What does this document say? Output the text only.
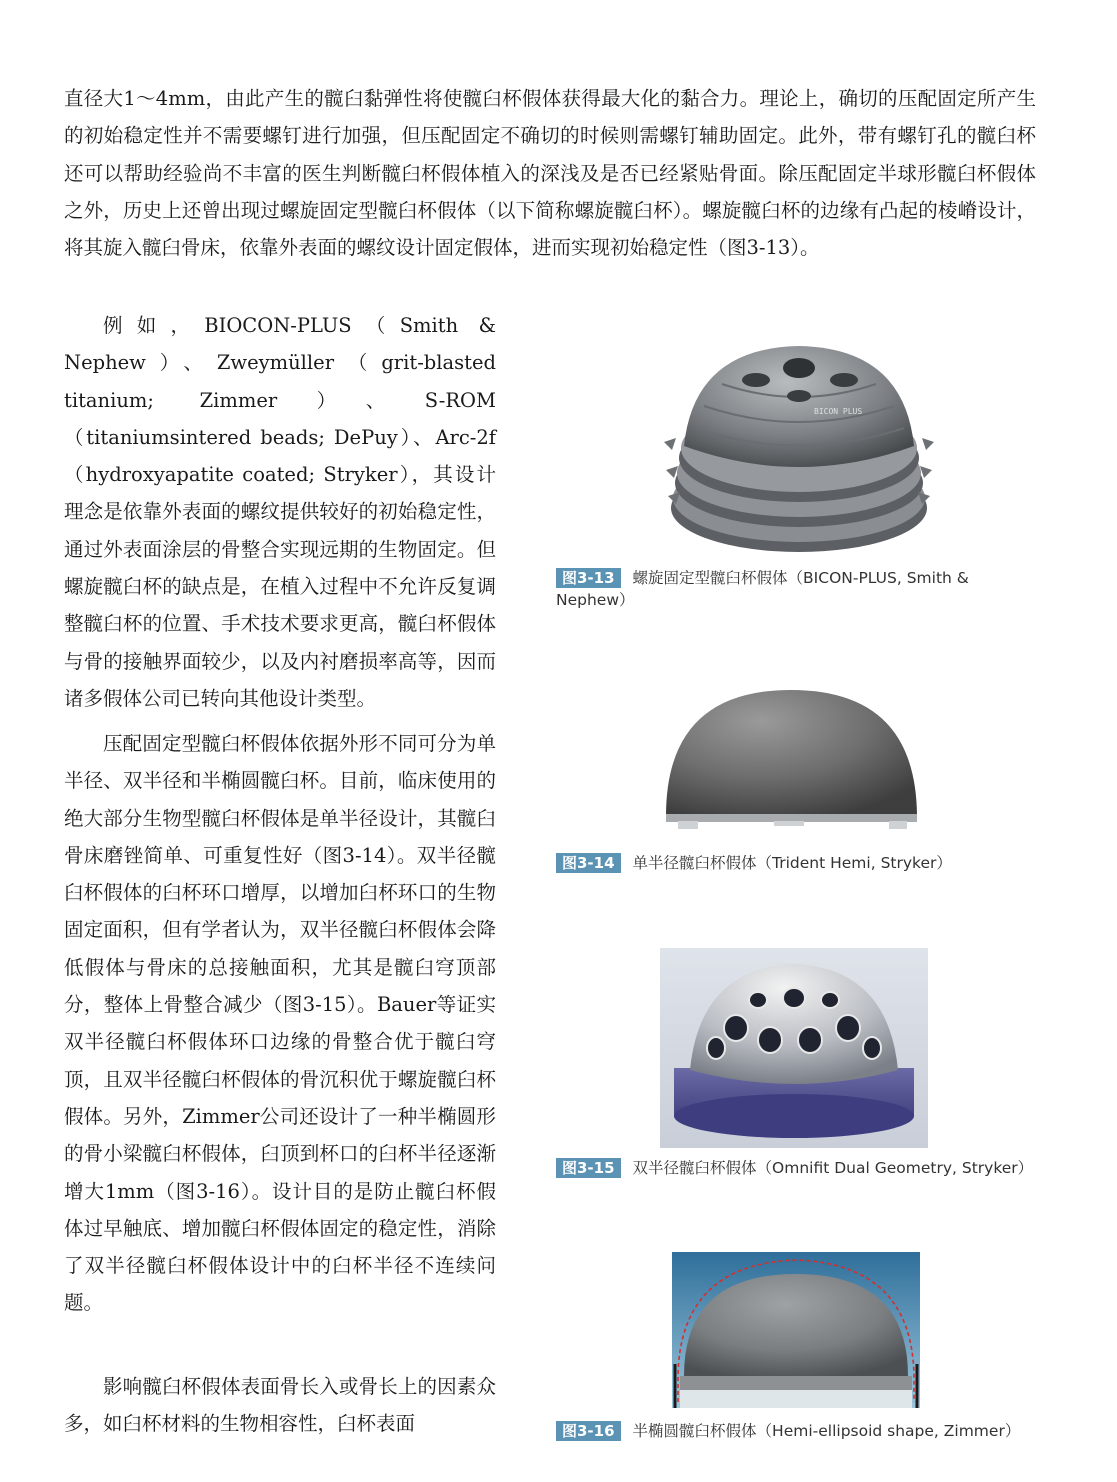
直径大1～4mm，由此产生的髋臼黏弹性将使髋臼杯假体获得最大化的黏合力。理论上，确切的压配固定所产生的初始稳定性并不需要螺钉进行加强，但压配固定不确切的时候则需螺钉辅助固定。此外，带有螺钉孔的髋臼杯还可以帮助经验尚不丰富的医生判断髋臼杯假体植入的深浅及是否已经紧贴骨面。除压配固定半球形髋臼杯假体之外，历史上还曾出现过螺旋固定型髋臼杯假体（以下简称螺旋髋臼杯）。螺旋髋臼杯的边缘有凸起的棱嵴设计，将其旋入髋臼骨床，依靠外表面的螺纹设计固定假体，进而实现初始稳定性（图3-13）。

例如，BIOCON-PLUS（Smith & Nephew）、Zweymüller（grit-blasted titanium; Zimmer）、S-ROM（titaniumsintered beads; DePuy）、Arc-2f（hydroxyapatite coated; Stryker），其设计理念是依靠外表面的螺纹提供较好的初始稳定性，通过外表面涂层的骨整合实现远期的生物固定。但螺旋髋臼杯的缺点是，在植入过程中不允许反复调整髋臼杯的位置、手术技术要求更高，髋臼杯假体与骨的接触界面较少，以及内衬磨损率高等，因而诸多假体公司已转向其他设计类型。

压配固定型髋臼杯假体依据外形不同可分为单半径、双半径和半椭圆髋臼杯。目前，临床使用的绝大部分生物型髋臼杯假体是单半径设计，其髋臼骨床磨锉简单、可重复性好（图3-14）。双半径髋臼杯假体的臼杯环口增厚，以增加臼杯环口的生物固定面积，但有学者认为，双半径髋臼杯假体会降低假体与骨床的总接触面积，尤其是髋臼穹顶部分，整体上骨整合减少（图3-15）。Bauer等证实双半径髋臼杯假体环口边缘的骨整合优于髋臼穹顶，且双半径髋臼杯假体的骨沉积优于螺旋髋臼杯假体。另外，Zimmer公司还设计了一种半椭圆形的骨小梁髋臼杯假体，臼顶到杯口的臼杯半径逐渐增大1mm（图3-16）。设计目的是防止髋臼杯假体过早触底、增加髋臼杯假体固定的稳定性，消除了双半径髋臼杯假体设计中的臼杯半径不连续问题。

影响髋臼杯假体表面骨长入或骨长上的因素众多，如臼杯材料的生物相容性，臼杯表面

BICON PLUS
图3-13 螺旋固定型髋臼杯假体（BICON-PLUS, Smith & Nephew）
图3-14 单半径髋臼杯假体（Trident Hemi, Stryker）
图3-15 双半径髋臼杯假体（Omnifit Dual Geometry, Stryker）
图3-16 半椭圆髋臼杯假体（Hemi-ellipsoid shape, Zimmer）
